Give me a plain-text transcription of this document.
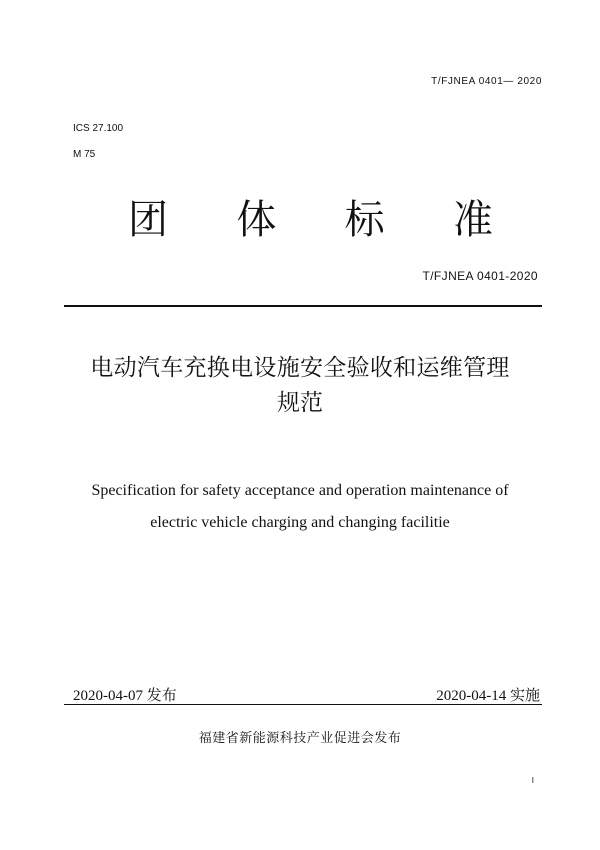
T/FJNEA 0401— 2020
ICS 27.100
M 75
团 体 标 准
T/FJNEA 0401-2020
电动汽车充换电设施安全验收和运维管理
规范
Specification for safety acceptance and operation maintenance of
electric vehicle charging and changing facilitie
2020-04-07 发布	2020-04-14 实施
福建省新能源科技产业促进会发布
I
